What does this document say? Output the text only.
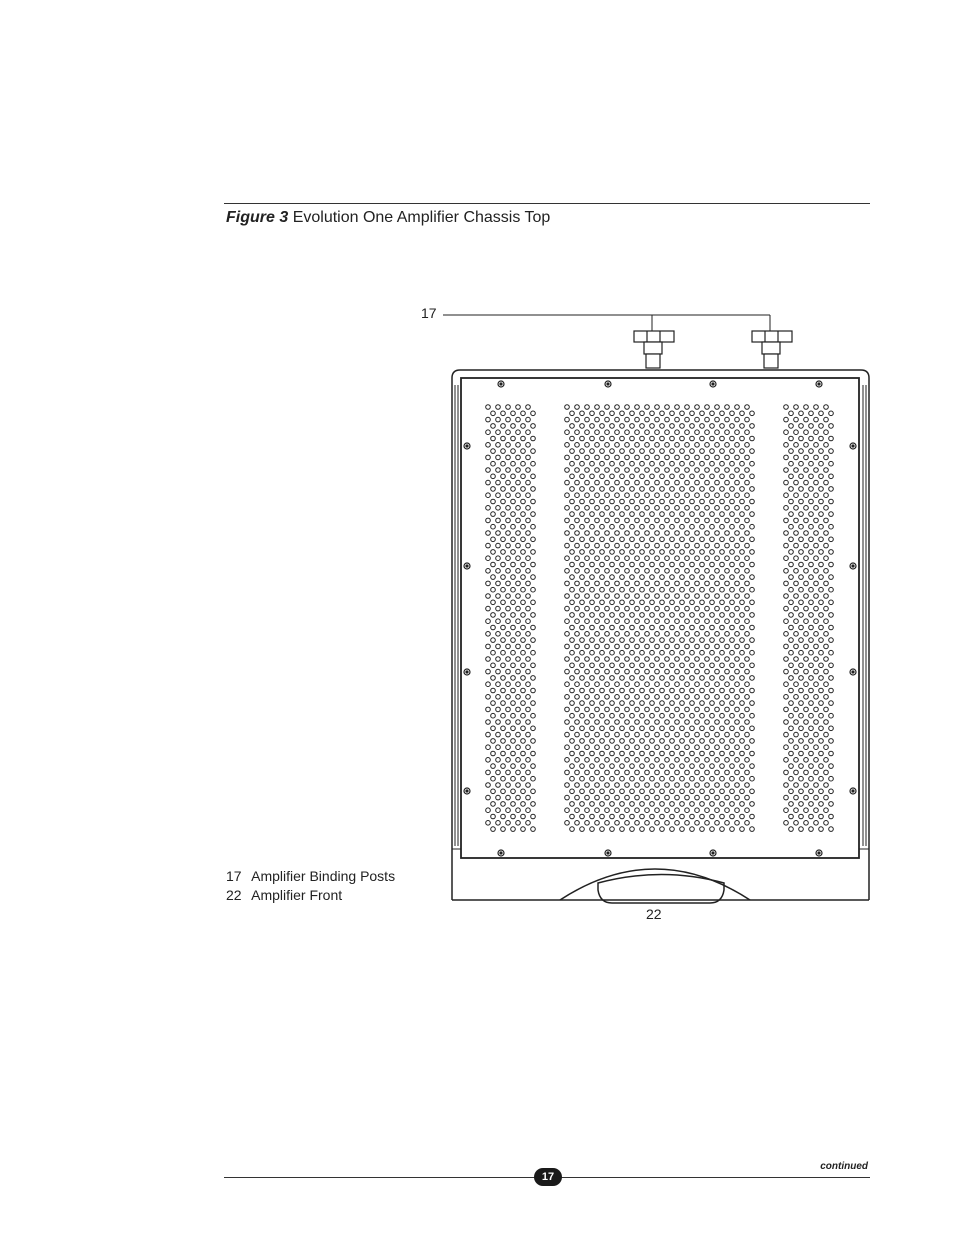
Figure 3 Evolution One Amplifier Chassis Top
17
22
17 Amplifier Binding Posts
22 Amplifier Front
continued
17
